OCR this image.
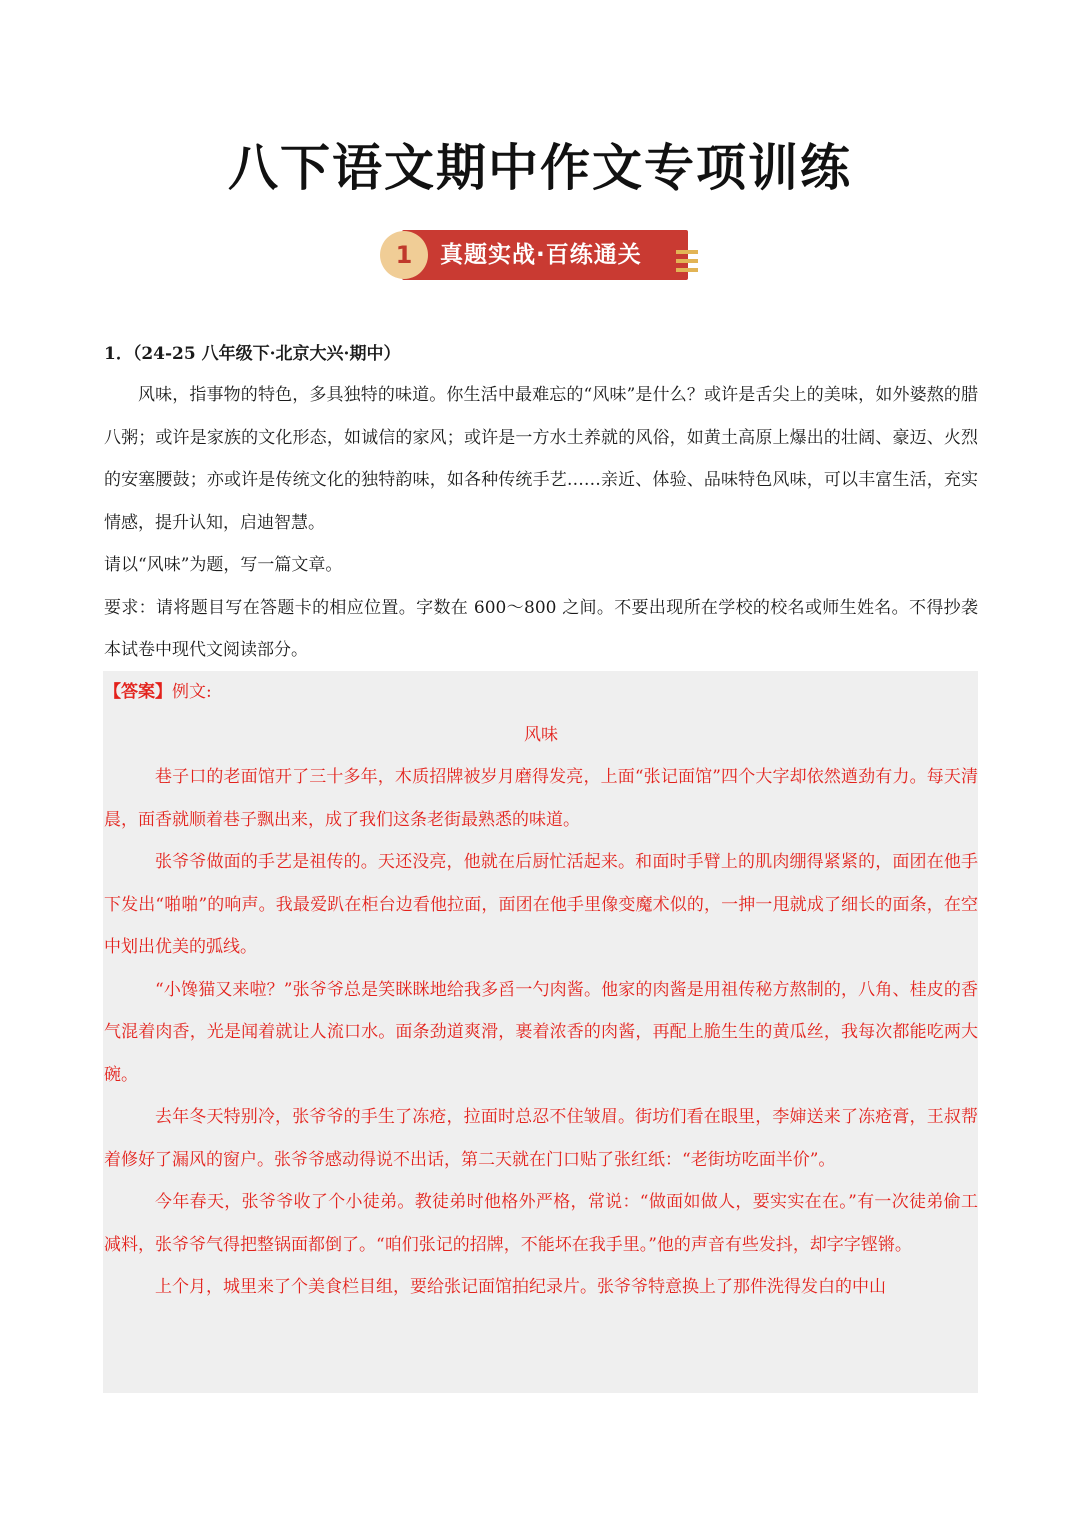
八下语文期中作文专项训练
1	真题实战·百练通关
1．（24-25 八年级下·北京大兴·期中）

风味，指事物的特色，多具独特的味道。你生活中最难忘的“风味”是什么？或许是舌尖上的美味，如外婆熬的腊八粥；或许是家族的文化形态，如诚信的家风；或许是一方水土养就的风俗，如黄土高原上爆出的壮阔、豪迈、火烈的安塞腰鼓；亦或许是传统文化的独特韵味，如各种传统手艺……亲近、体验、品味特色风味，可以丰富生活，充实情感，提升认知，启迪智慧。

请以“风味”为题，写一篇文章。

要求：请将题目写在答题卡的相应位置。字数在 600～800 之间。不要出现所在学校的校名或师生姓名。不得抄袭本试卷中现代文阅读部分。

【答案】例文:

风味

巷子口的老面馆开了三十多年，木质招牌被岁月磨得发亮，上面“张记面馆”四个大字却依然遒劲有力。每天清晨，面香就顺着巷子飘出来，成了我们这条老街最熟悉的味道。

张爷爷做面的手艺是祖传的。天还没亮，他就在后厨忙活起来。和面时手臂上的肌肉绷得紧紧的，面团在他手下发出“啪啪”的响声。我最爱趴在柜台边看他拉面，面团在他手里像变魔术似的，一抻一甩就成了细长的面条，在空中划出优美的弧线。

“小馋猫又来啦？”张爷爷总是笑眯眯地给我多舀一勺肉酱。他家的肉酱是用祖传秘方熬制的，八角、桂皮的香气混着肉香，光是闻着就让人流口水。面条劲道爽滑，裹着浓香的肉酱，再配上脆生生的黄瓜丝，我每次都能吃两大碗。

去年冬天特别冷，张爷爷的手生了冻疮，拉面时总忍不住皱眉。街坊们看在眼里，李婶送来了冻疮膏，王叔帮着修好了漏风的窗户。张爷爷感动得说不出话，第二天就在门口贴了张红纸：“老街坊吃面半价”。

今年春天，张爷爷收了个小徒弟。教徒弟时他格外严格，常说：“做面如做人，要实实在在。”有一次徒弟偷工减料，张爷爷气得把整锅面都倒了。“咱们张记的招牌，不能坏在我手里。”他的声音有些发抖，却字字铿锵。

上个月，城里来了个美食栏目组，要给张记面馆拍纪录片。张爷爷特意换上了那件洗得发白的中山
